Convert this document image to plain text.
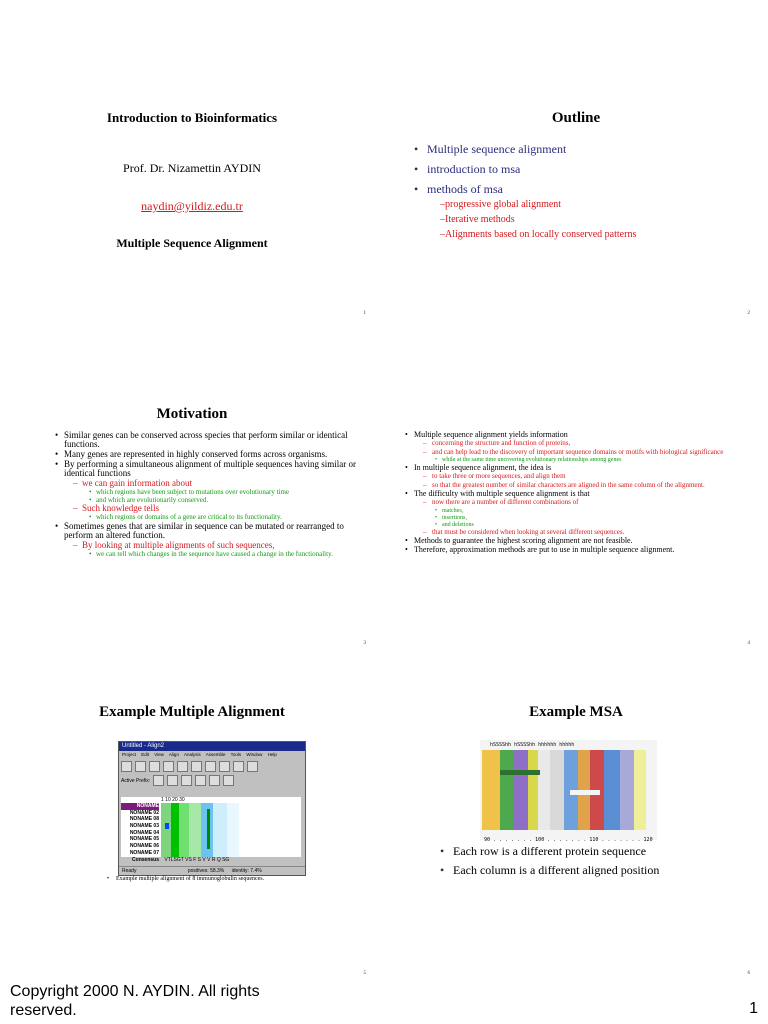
Introduction to Bioinformatics
Prof. Dr. Nizamettin AYDIN
naydin@yildiz.edu.tr
Multiple Sequence Alignment
1
Outline
• Multiple sequence alignment
• introduction to msa
• methods of msa
– progressive global alignment
– Iterative methods
– Alignments based on locally conserved patterns
2
Motivation
• Similar genes can be conserved across species that perform similar or identical functions.
• Many genes are represented in highly conserved forms across organisms.
• By performing a simultaneous alignment of multiple sequences having similar or identical functions
– we can gain information about
• which regions have been subject to mutations over evolutionary time
• and which are evolutionarily conserved.
– Such knowledge tells
• which regions or domains of a gene are critical to its functionality.
• Sometimes genes that are similar in sequence can be mutated or rearranged to perform an altered function.
– By looking at multiple alignments of such sequences,
• we can tell which changes in the sequence have caused a change in the functionality.
3
• Multiple sequence alignment yields information
– concerning the structure and function of proteins,
– and can help lead to the discovery of important sequence domains or motifs with biological significance
• while at the same time uncovering evolutionary relationships among genes
• In multiple sequence alignment, the idea is
– to take three or more sequences, and align them
– so that the greatest number of similar characters are aligned in the same column of the alignment.
• The difficulty with multiple sequence alignment is that
– now there are a number of different combinations of
• matches,
• insertions,
• and deletions
– that must be considered when looking at several different sequences.
• Methods to guarantee the highest scoring alignment are not feasible.
• Therefore, approximation methods are put to use in multiple sequence alignment.
4
Example Multiple Alignment
Untitled - Align2
Project Edit View Align Analysis Assemble Tools Window Help
Active Prefix:
1 10 20 30
NONAME
NONAME 02
NONAME 08
NONAME 03
NONAME 04
NONAME 05
NONAME 06
NONAME 07
Consensus VTLSGT VS F S V V R Q SG
Ready	positives: 58.3% identity: 7.4%
• Example multiple alignment of 8 immunoglobulin sequences.
5
Example MSA
hSSSShh hSSSShh hhhhhh hhhhh
90 . . . . . . . 100 . . . . . . . 110 . . . . . . . 120
• Each row is a different protein sequence
• Each column is a different aligned position
6
Copyright 2000 N. AYDIN. All rights reserved.	1
